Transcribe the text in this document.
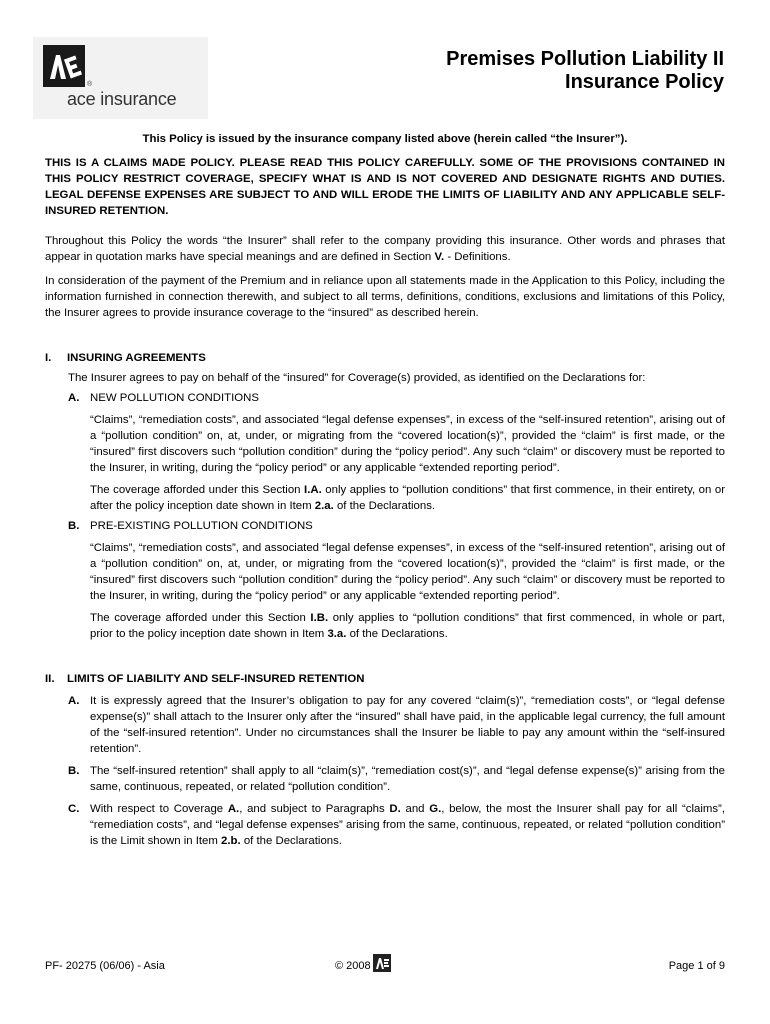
®
ace insurance
Premises Pollution Liability II
Insurance Policy

This Policy is issued by the insurance company listed above (herein called “the Insurer”).

THIS IS A CLAIMS MADE POLICY. PLEASE READ THIS POLICY CAREFULLY. SOME OF THE PROVISIONS CONTAINED IN THIS POLICY RESTRICT COVERAGE, SPECIFY WHAT IS AND IS NOT COVERED AND DESIGNATE RIGHTS AND DUTIES. LEGAL DEFENSE EXPENSES ARE SUBJECT TO AND WILL ERODE THE LIMITS OF LIABILITY AND ANY APPLICABLE SELF-INSURED RETENTION.

Throughout this Policy the words “the Insurer” shall refer to the company providing this insurance. Other words and phrases that appear in quotation marks have special meanings and are defined in Section V. - Definitions.

In consideration of the payment of the Premium and in reliance upon all statements made in the Application to this Policy, including the information furnished in connection therewith, and subject to all terms, definitions, conditions, exclusions and limitations of this Policy, the Insurer agrees to provide insurance coverage to the “insured” as described herein.

I.	INSURING AGREEMENTS

The Insurer agrees to pay on behalf of the “insured” for Coverage(s) provided, as identified on the Declarations for:

A. NEW POLLUTION CONDITIONS

“Claims”, “remediation costs”, and associated “legal defense expenses”, in excess of the “self-insured retention”, arising out of a “pollution condition” on, at, under, or migrating from the “covered location(s)”, provided the “claim” is first made, or the “insured” first discovers such “pollution condition” during the “policy period”. Any such “claim” or discovery must be reported to the Insurer, in writing, during the “policy period” or any applicable “extended reporting period”.

The coverage afforded under this Section I.A. only applies to “pollution conditions” that first commence, in their entirety, on or after the policy inception date shown in Item 2.a. of the Declarations.

B. PRE-EXISTING POLLUTION CONDITIONS

“Claims”, “remediation costs”, and associated “legal defense expenses”, in excess of the “self-insured retention”, arising out of a “pollution condition” on, at, under, or migrating from the “covered location(s)”, provided the “claim” is first made, or the “insured” first discovers such “pollution condition” during the “policy period”. Any such “claim” or discovery must be reported to the Insurer, in writing, during the “policy period” or any applicable “extended reporting period”.

The coverage afforded under this Section I.B. only applies to “pollution conditions” that first commenced, in whole or part, prior to the policy inception date shown in Item 3.a. of the Declarations.

II.	LIMITS OF LIABILITY AND SELF-INSURED RETENTION
A. It is expressly agreed that the Insurer’s obligation to pay for any covered “claim(s)”, “remediation costs”, or “legal defense expense(s)” shall attach to the Insurer only after the “insured” shall have paid, in the applicable legal currency, the full amount of the “self-insured retention”. Under no circumstances shall the Insurer be liable to pay any amount within the “self-insured retention”.
B. The “self-insured retention” shall apply to all “claim(s)”, “remediation cost(s)”, and “legal defense expense(s)” arising from the same, continuous, repeated, or related “pollution condition”.
C. With respect to Coverage A., and subject to Paragraphs D. and G., below, the most the Insurer shall pay for all “claims”, “remediation costs”, and “legal defense expenses” arising from the same, continuous, repeated, or related “pollution condition” is the Limit shown in Item 2.b. of the Declarations.
PF- 20275 (06/06) - Asia	© 2008	Page 1 of 9
